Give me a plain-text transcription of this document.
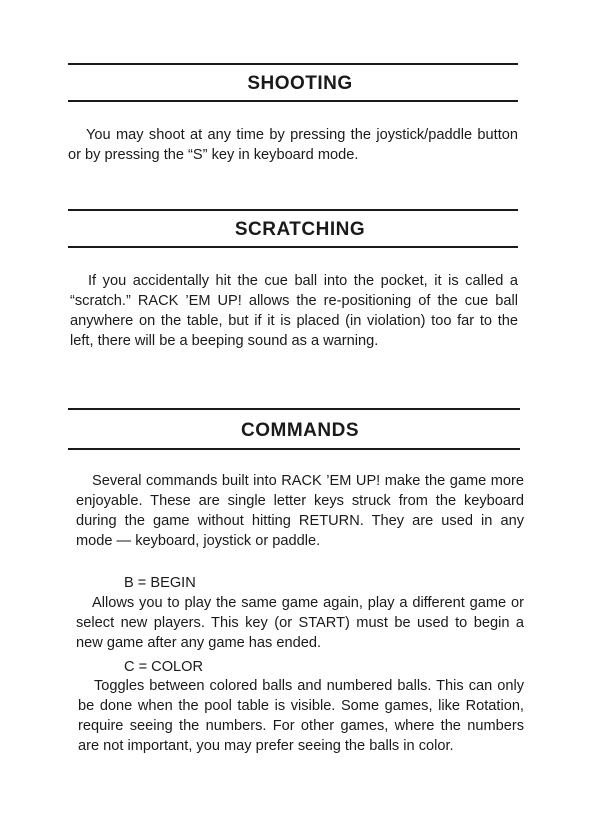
SHOOTING

You may shoot at any time by pressing the joystick/paddle button or by pressing the “S” key in keyboard mode.

SCRATCHING

If you accidentally hit the cue ball into the pocket, it is called a “scratch.” RACK ’EM UP! allows the re-positioning of the cue ball anywhere on the table, but if it is placed (in violation) too far to the left, there will be a beeping sound as a warning.

COMMANDS

Several commands built into RACK ’EM UP! make the game more enjoyable. These are single letter keys struck from the keyboard during the game without hitting RETURN. They are used in any mode — keyboard, joystick or paddle.

B = BEGIN

Allows you to play the same game again, play a different game or select new players. This key (or START) must be used to begin a new game after any game has ended.

C = COLOR

Toggles between colored balls and numbered balls. This can only be done when the pool table is visible. Some games, like Rotation, require seeing the numbers. For other games, where the numbers are not important, you may prefer seeing the balls in color.
